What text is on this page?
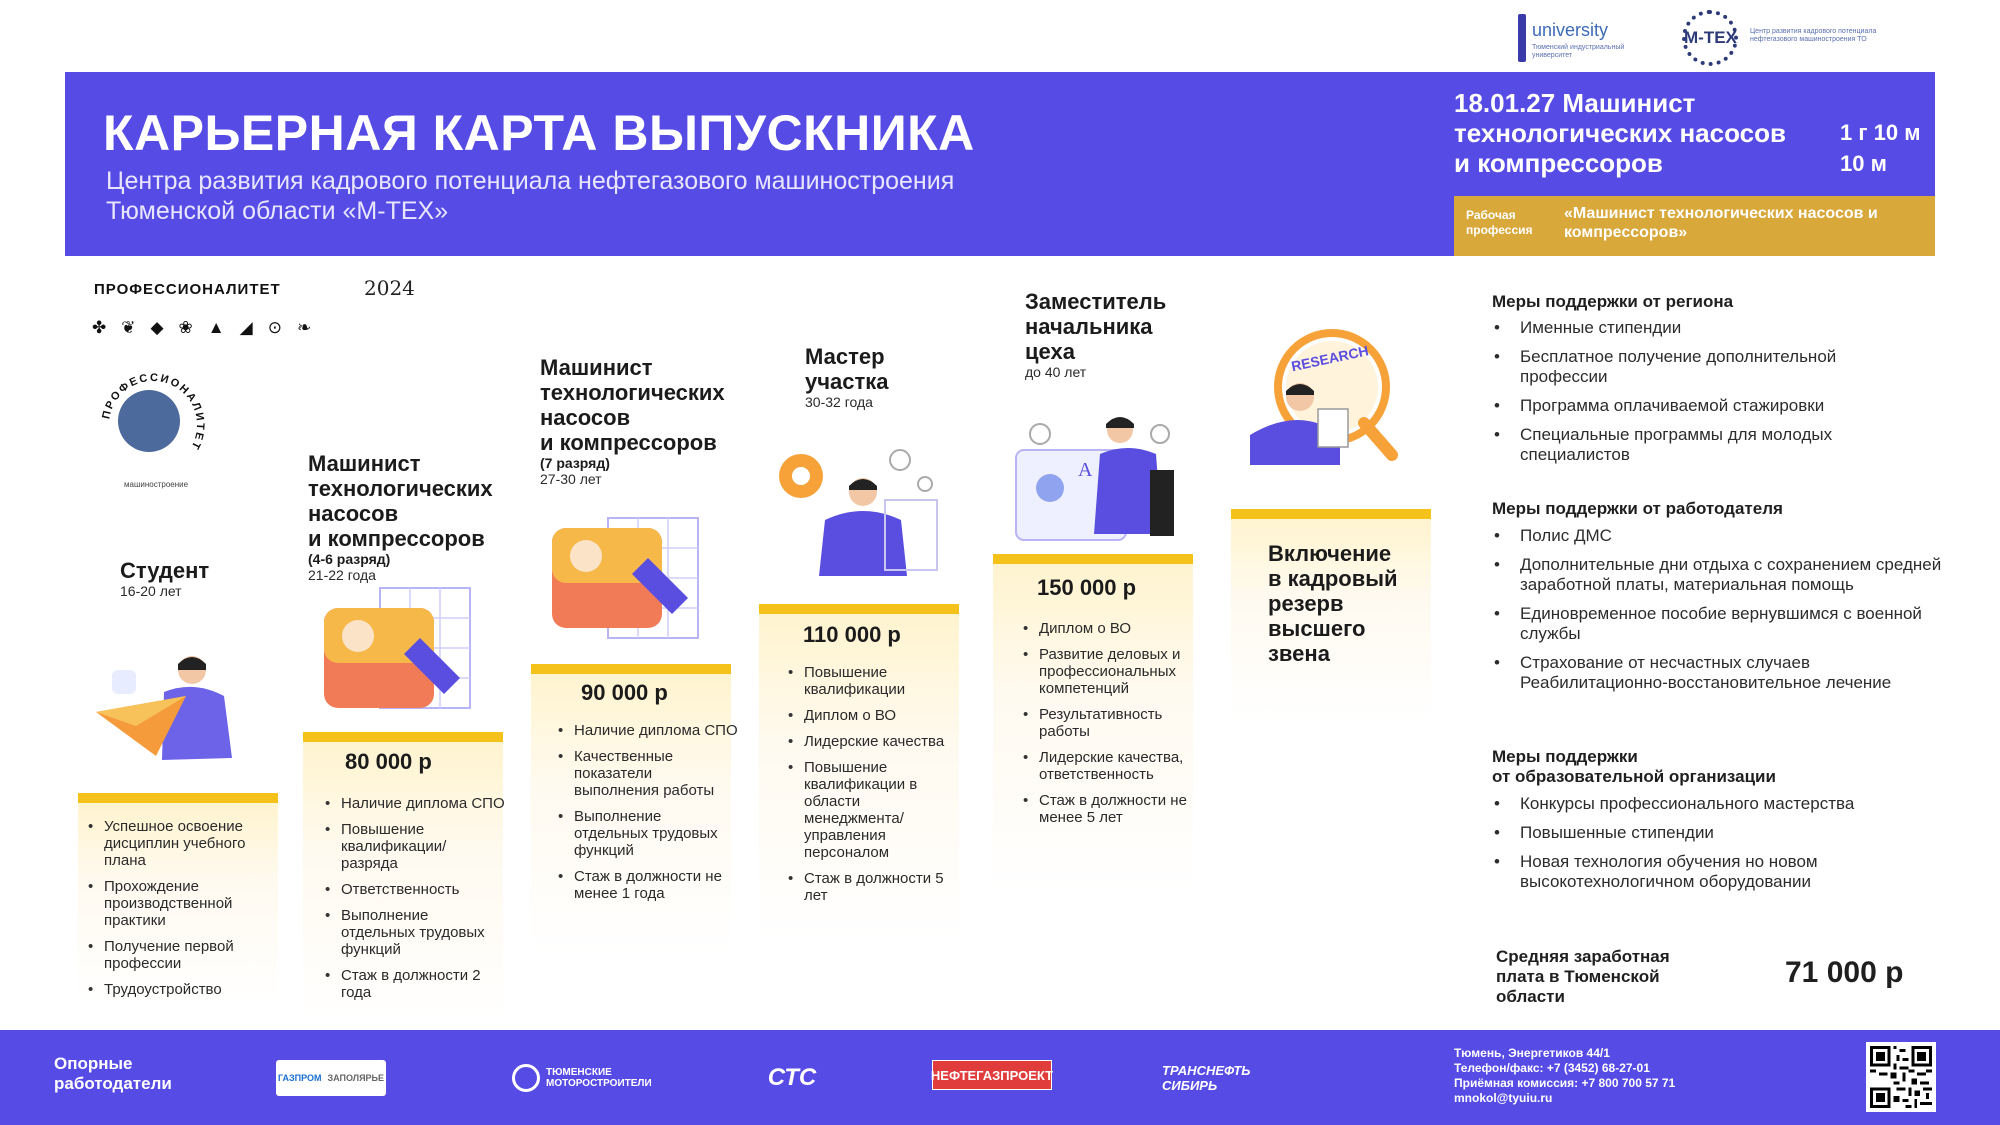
КАРЬЕРНАЯ КАРТА ВЫПУСКНИКА
Центра развития кадрового потенциала нефтегазового машиностроения
Тюменской области «М-ТЕХ»
18.01.27 Машинист
технологических насосов
и компрессоров
1 г 10 м
10 м
Рабочая
профессия
«Машинист технологических насосов и компрессоров»
university
Тюменский индустриальный университет
М-ТЕХ Центр развития кадрового потенциала нефтегазового машиностроения ТО
ПРОФЕССИОНАЛИТЕТ	2024
✤❦◆❀▲◢⊙❧
ПРОФЕССИОНАЛИТЕТ
машиностроение
Студент
16-20 лет
• Успешное освоение дисциплин учебного плана
• Прохождение производственной практики
• Получение первой профессии
• Трудоустройство
Машинист
технологических
насосов
и компрессоров
(4-6 разряд)
21-22 года
80 000 р
• Наличие диплома СПО
• Повышение квалификации/ разряда
• Ответственность
• Выполнение отдельных трудовых функций
• Стаж в должности 2 года
Машинист
технологических
насосов
и компрессоров
(7 разряд)
27-30 лет
90 000 р
• Наличие диплома СПО
• Качественные показатели выполнения работы
• Выполнение отдельных трудовых функций
• Стаж в должности не менее 1 года
Мастер
участка
30-32 года
110 000 р
• Повышение квалификации
• Диплом о ВО
• Лидерские качества
• Повышение квалификации в области менеджмента/ управления персоналом
• Стаж в должности 5 лет
Заместитель
начальника
цеха
до 40 лет
A
150 000 р
• Диплом о ВО
• Развитие деловых и профессиональных компетенций
• Результативность работы
• Лидерские качества, ответственность
• Стаж в должности не менее 5 лет
RESEARCH
Включение
в кадровый
резерв
высшего
звена
Меры поддержки от региона
• Именные стипендии
• Бесплатное получение дополнительной профессии
• Программа оплачиваемой стажировки
• Специальные программы для молодых специалистов
Меры поддержки от работодателя
• Полис ДМС
• Дополнительные дни отдыха с сохранением средней заработной платы, материальная помощь
• Единовременное пособие вернувшимся с военной службы
• Страхование от несчастных случаев Реабилитационно-восстановительное лечение
Меры поддержки
от образовательной организации
• Конкурсы профессионального мастерства
• Повышенные стипендии
• Новая технология обучения но новом высокотехнологичном оборудовании
Средняя заработная плата в Тюменской области
71 000 р
Опорные
работодатели	ГАЗПРОМ ЗАПОЛЯРЬЕ	ТЮМЕНСКИЕ МОТОРОСТРОИТЕЛИ	СТС	НЕФТЕГАЗПРОЕКТ	ТРАНСНЕФТЬ СИБИРЬ
Тюмень, Энергетиков 44/1
Телефон/факс: +7 (3452) 68-27-01
Приёмная комиссия: +7 800 700 57 71
mnokol@tyuiu.ru
